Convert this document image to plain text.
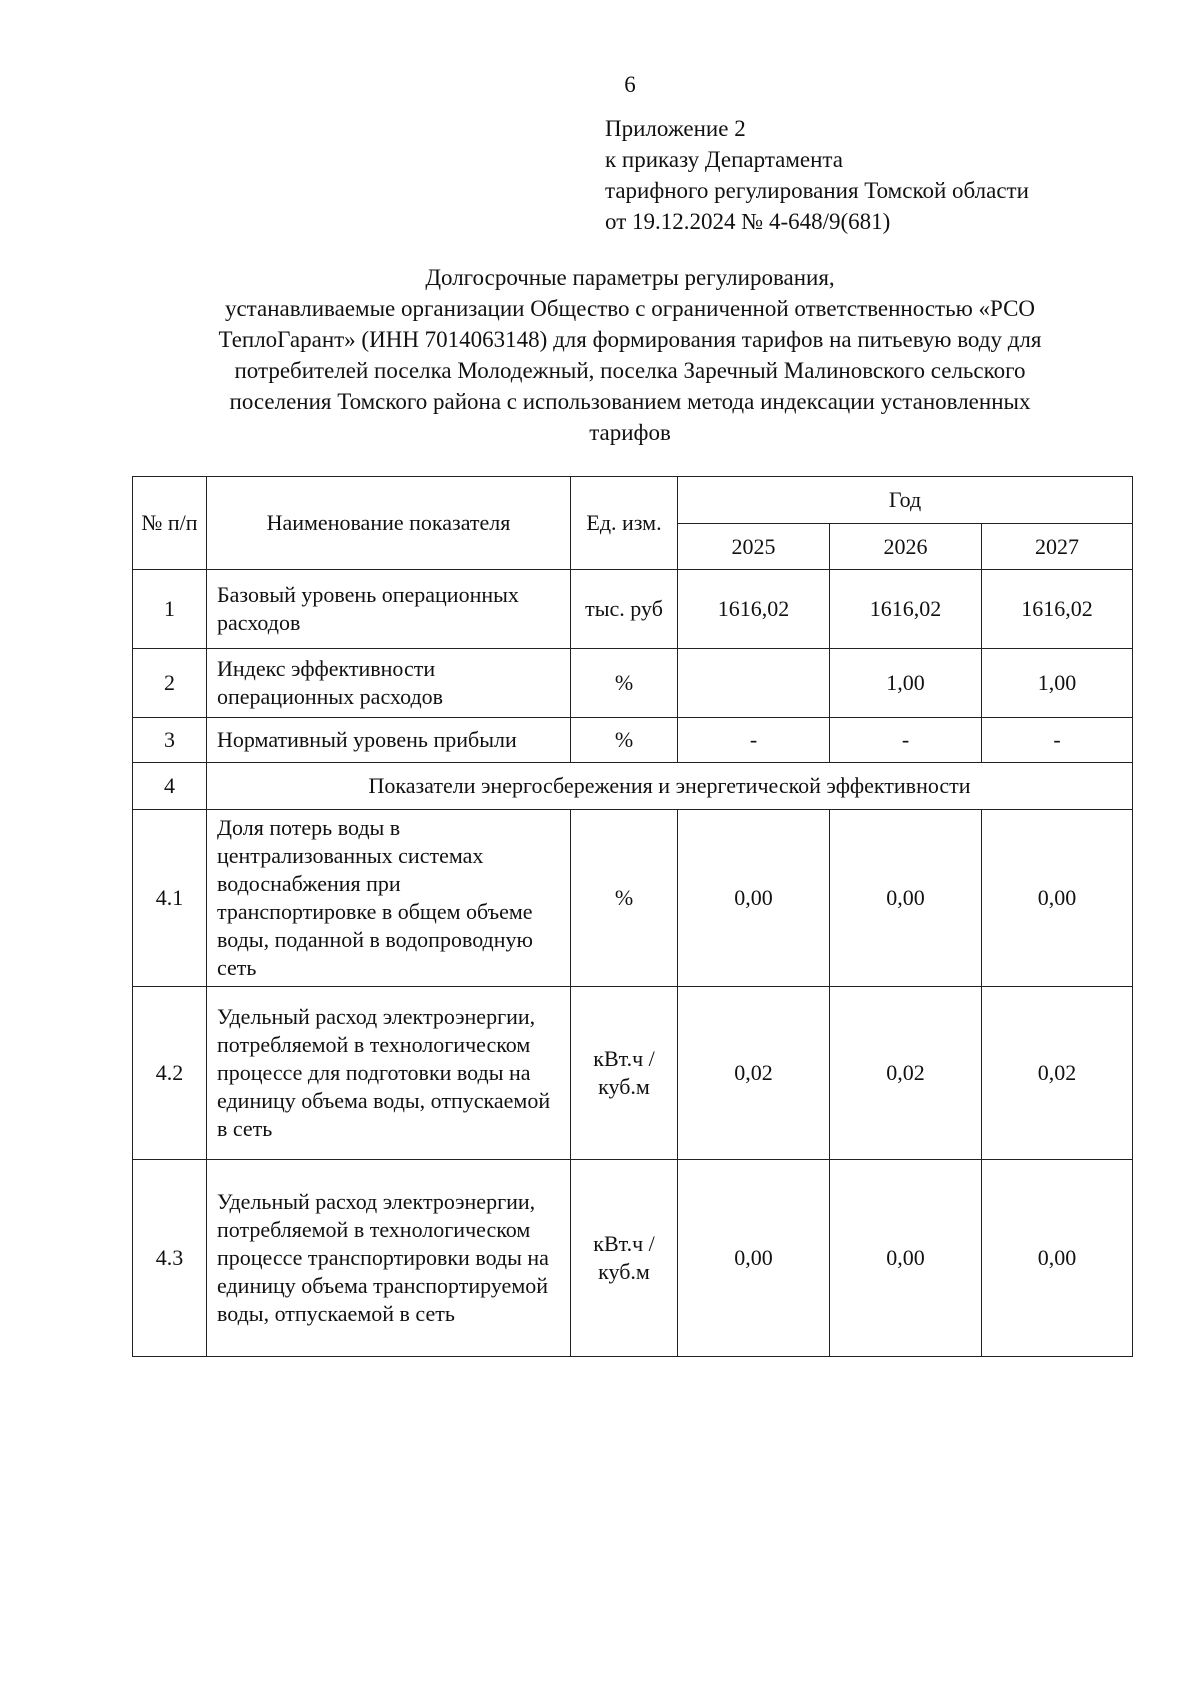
6
Приложение 2
к приказу Департамента
тарифного регулирования Томской области
от 19.12.2024 № 4-648/9(681)
Долгосрочные параметры регулирования,
устанавливаемые организации Общество с ограниченной ответственностью «РСО
ТеплоГарант» (ИНН 7014063148) для формирования тарифов на питьевую воду для
потребителей поселка Молодежный, поселка Заречный Малиновского сельского
поселения Томского района с использованием метода индексации установленных
тарифов
№ п/п	Наименование показателя	Ед. изм.	Год		
			2025	2026	2027
1	Базовый уровень операционных расходов	тыс. руб	1616,02	1616,02	1616,02
2	Индекс эффективности операционных расходов	%		1,00	1,00
3	Нормативный уровень прибыли	%	-	-	-
4	Показатели энергосбережения и энергетической эффективности				
4.1	Доля потерь воды в централизованных системах водоснабжения при транспортировке в общем объеме воды, поданной в водопроводную сеть	%	0,00	0,00	0,00
4.2	Удельный расход электроэнергии, потребляемой в технологическом процессе для подготовки воды на единицу объема воды, отпускаемой в сеть	кВт.ч / куб.м	0,02	0,02	0,02
4.3	Удельный расход электроэнергии, потребляемой в технологическом процессе транспортировки воды на единицу объема транспортируемой воды, отпускаемой в сеть	кВт.ч / куб.м	0,00	0,00	0,00
